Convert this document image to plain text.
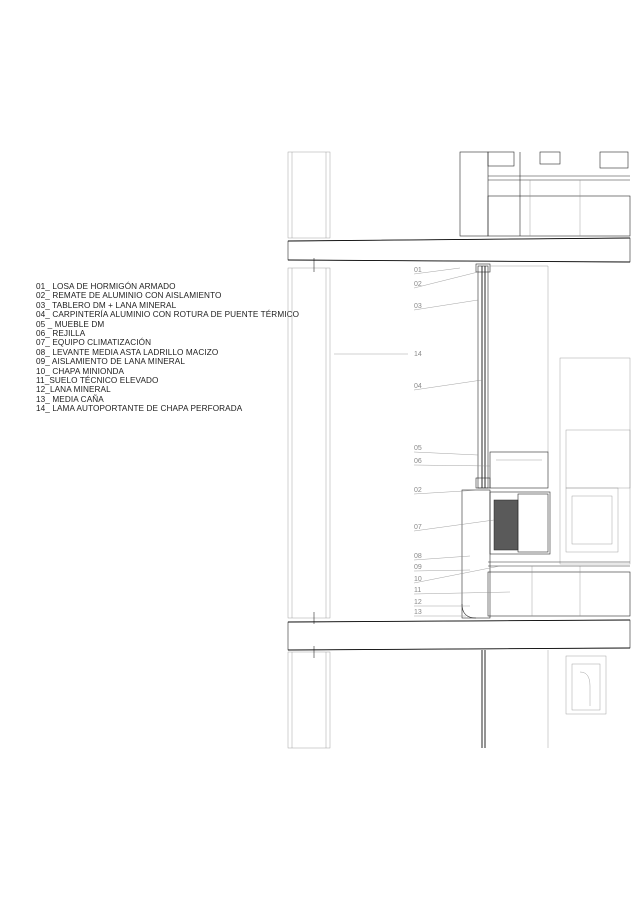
01_ LOSA DE HORMIGÓN ARMADO
02_ REMATE DE ALUMINIO CON AISLAMIENTO
03_ TABLERO DM + LANA MINERAL
04_ CARPINTERÍA ALUMINIO CON ROTURA DE PUENTE TÉRMICO
05 _ MUEBLE DM
06_ REJILLA
07_ EQUIPO CLIMATIZACIÓN
08_ LEVANTE MEDIA ASTA LADRILLO MACIZO
09_ AISLAMIENTO DE LANA MINERAL
10_ CHAPA MINIONDA
11_SUELO TÉCNICO ELEVADO
12_LANA MINERAL
13_ MEDIA CAÑA
14_ LAMA AUTOPORTANTE DE CHAPA PERFORADA
01
02
03
14
04
05
06
02
07
08
09
10
11
12
13
